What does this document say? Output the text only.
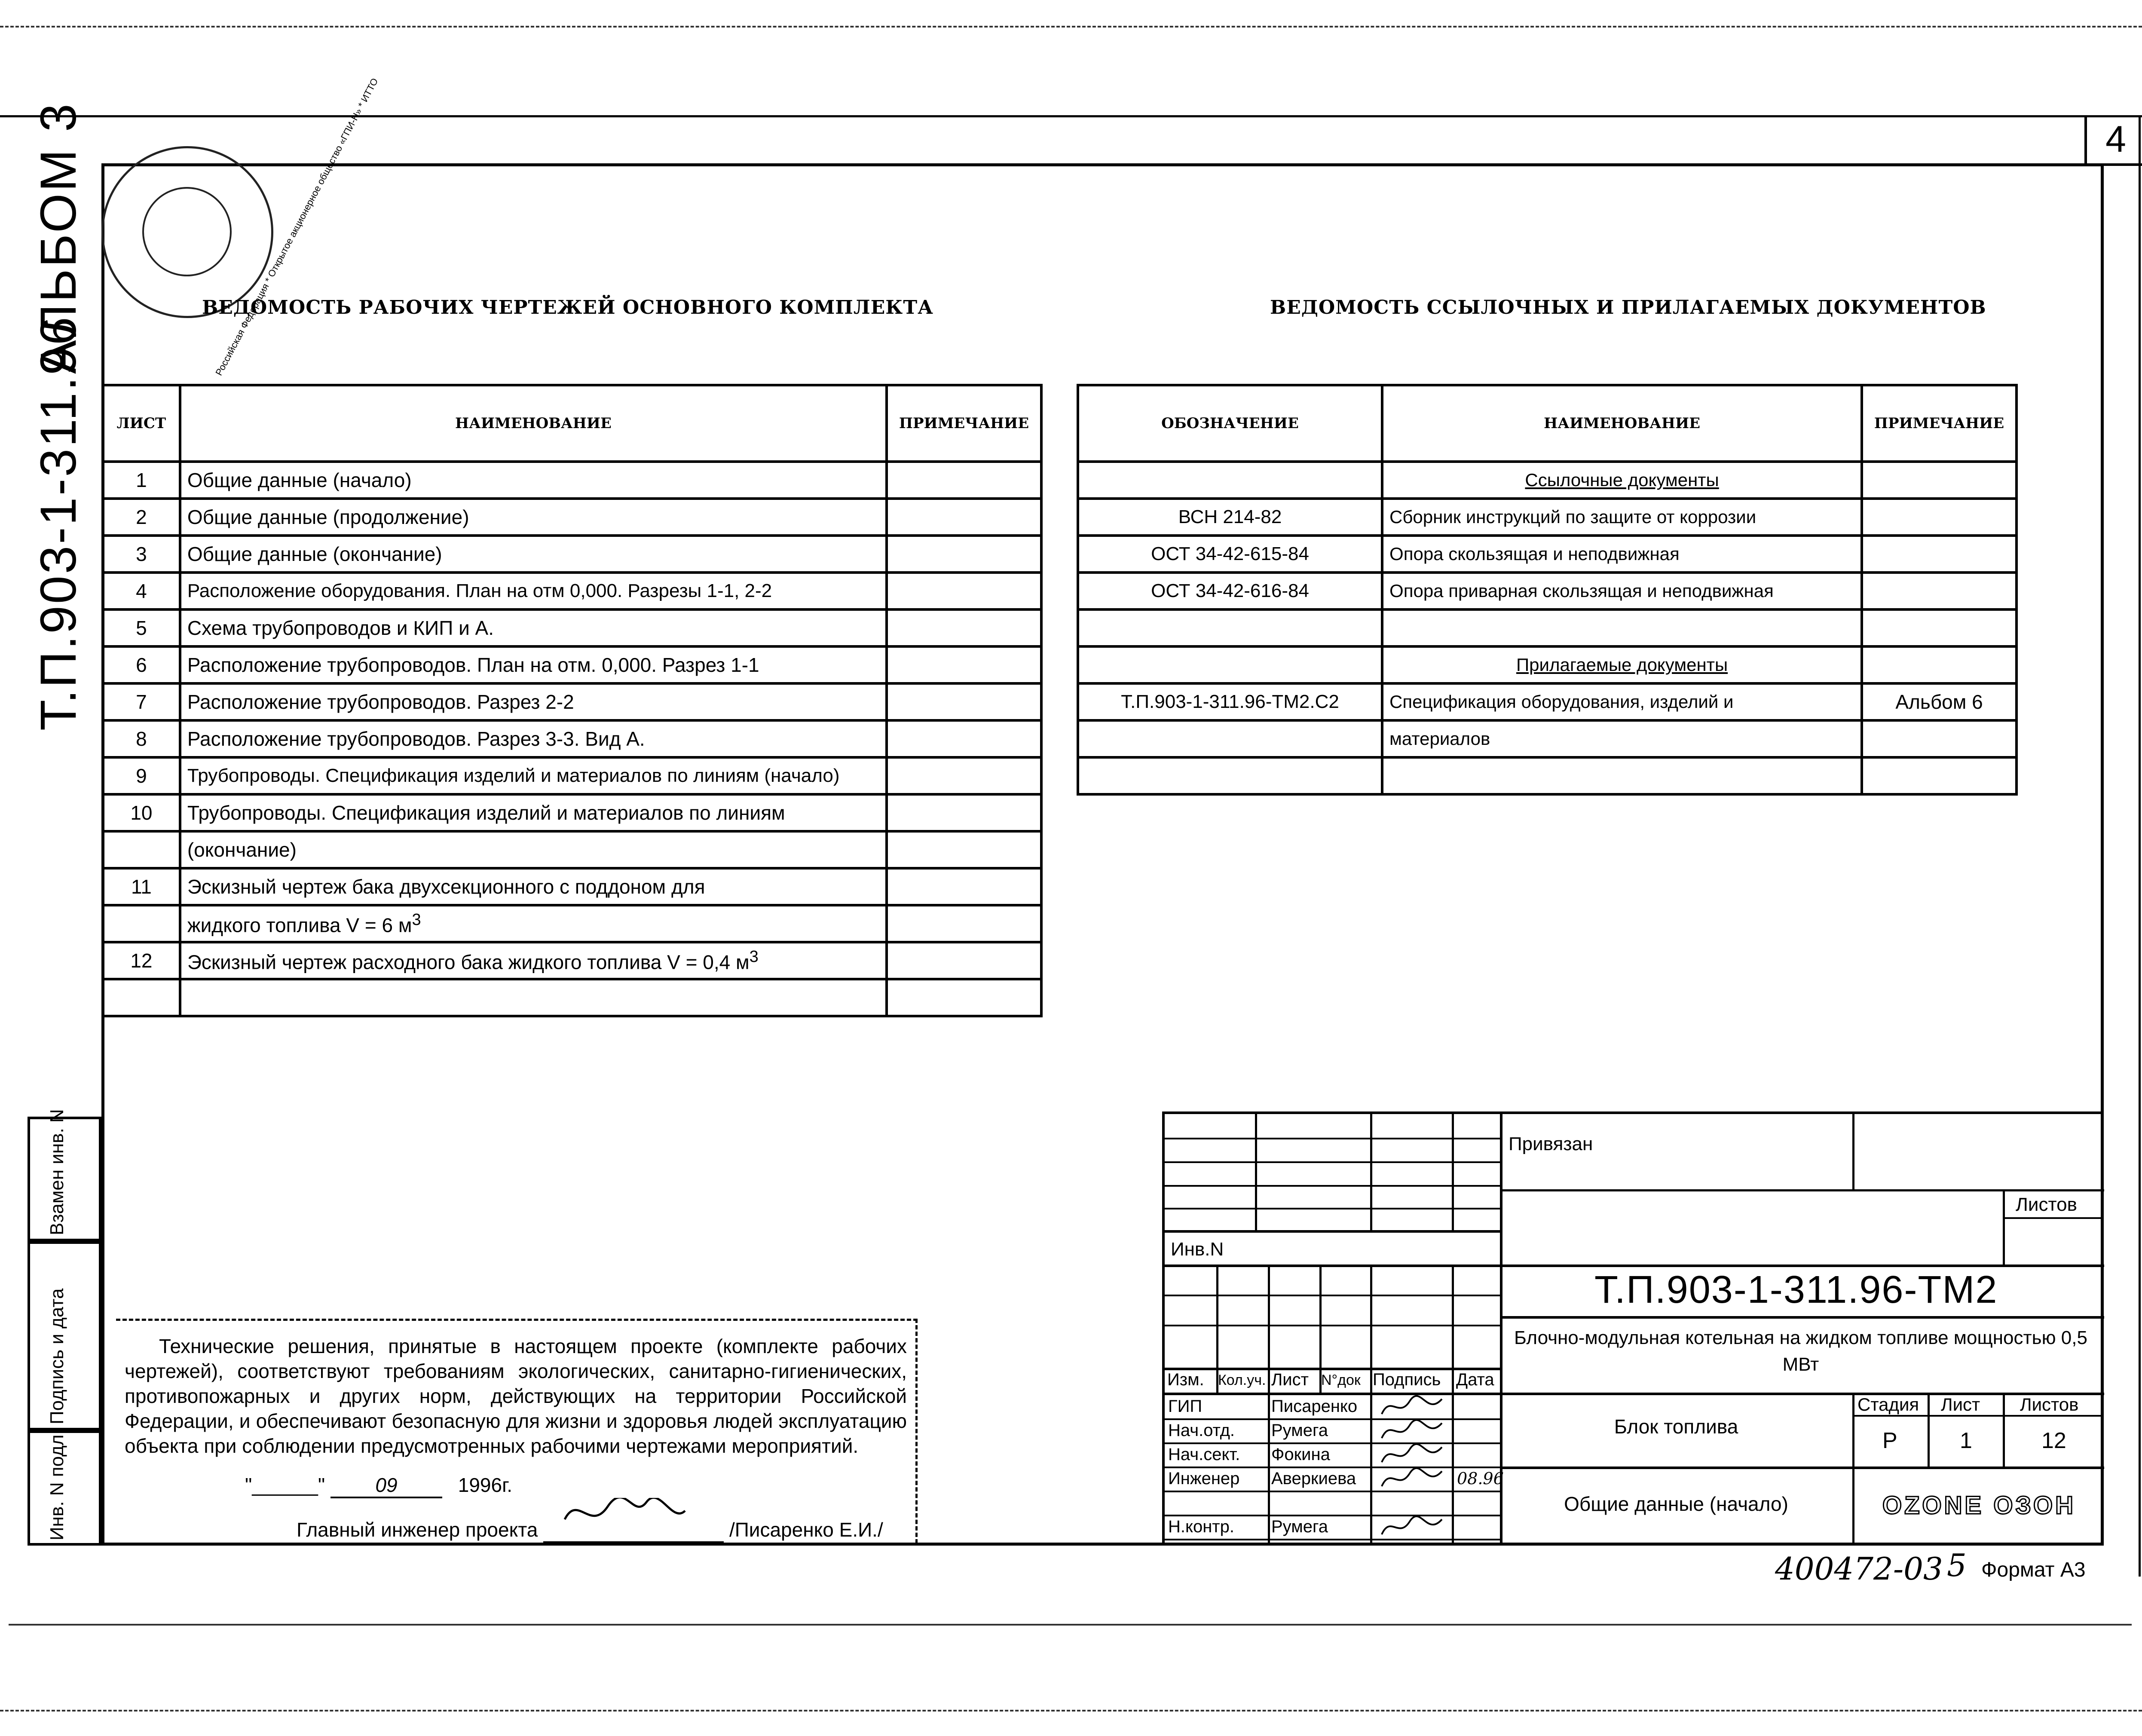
4
АЛЬБОМ 3
Т.П.903-1-311.96
Российская Федерация * Открытое акционерное общество «ГПИ-Н» * ИТТО
ВЕДОМОСТЬ РАБОЧИХ ЧЕРТЕЖЕЙ ОСНОВНОГО КОМПЛЕКТА	ВЕДОМОСТЬ ССЫЛОЧНЫХ И ПРИЛАГАЕМЫХ ДОКУМЕНТОВ
ЛИСТ	НАИМЕНОВАНИЕ	ПРИМЕЧАНИЕ
1	Общие данные (начало)	
2	Общие данные (продолжение)	
3	Общие данные (окончание)	
4	Расположение оборудования. План на отм 0,000. Разрезы 1-1, 2-2	
5	Схема трубопроводов и КИП и А.	
6	Расположение трубопроводов. План на отм. 0,000. Разрез 1-1	
7	Расположение трубопроводов. Разрез 2-2	
8	Расположение трубопроводов. Разрез 3-3. Вид А.	
9	Трубопроводы. Спецификация изделий и материалов по линиям (начало)	
10	Трубопроводы. Спецификация изделий и материалов по линиям	
	(окончание)	
11	Эскизный чертеж бака двухсекционного с поддоном для	
	жидкого топлива V = 6 $м^3$	
12	Эскизный чертеж расходного бака жидкого топлива V = 0,4 $м^3$	

ОБОЗНАЧЕНИЕ	НАИМЕНОВАНИЕ	ПРИМЕЧАНИЕ
	Ссылочные документы	
ВСН 214-82	Сборник инструкций по защите от коррозии	
ОСТ 34-42-615-84	Опора скользящая и неподвижная	
ОСТ 34-42-616-84	Опора приварная скользящая и неподвижная	

	Прилагаемые документы	
Т.П.903-1-311.96-ТМ2.С2	Спецификация оборудования, изделий и	Альбом 6
	материалов	

Взамен инв. N
Подпись и дата
Инв. N подл.

Технические решения, принятые в настоящем проекте (комплекте рабочих чертежей), соответствуют требованиям экологических, санитарно-гигиенических, противопожарных и других норм, действующих на территории Российской Федерации, и обеспечивают безопасную для жизни и здоровья людей эксплуатацию объекта при соблюдении предусмотренных рабочими чертежами мероприятий.

"______"	09	1996г.
Главный инженер проекта	/Писаренко Е.И./
Инв.N
Изм. Кол.уч. Лист N°док Подпись Дата
ГИП	Писаренко
Нач.отд. Румега
Нач.сект. Фокина
Инженер Аверкиева	08.96
Н.контр. Румега
Привязан
Листов
Т.П.903-1-311.96-ТМ2
Блочно-модульная котельная на жидком топливе мощностью 0,5 МВт
Блок топлива
Общие данные (начало)
Стадия Лист Листов
Р	1	12
OZONE ОЗОН
400472-03 5 Формат А3
